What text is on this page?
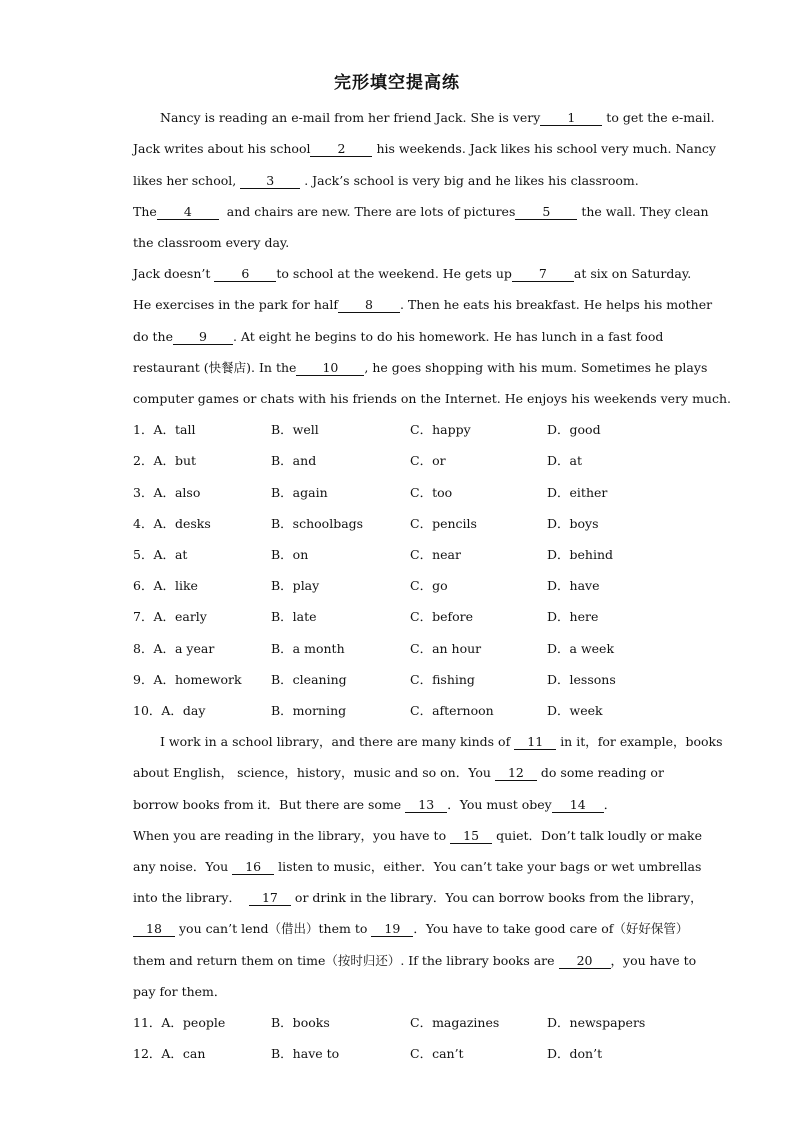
完形填空提高练
Nancy is reading an e-mail from her friend Jack. She is very 1 to get the e-mail.
Jack writes about his school 2 his weekends. Jack likes his school very much. Nancy
likes her school, 3 . Jack’s school is very big and he likes his classroom.
The 4	and chairs are new. There are lots of pictures 5 the wall. They clean
the classroom every day.
Jack doesn’t 6 to school at the weekend. He gets up 7 at six on Saturday.
He exercises in the park for half 8 . Then he eats his breakfast. He helps his mother
do the 9 . At eight he begins to do his homework. He has lunch in a fast food
restaurant (快餐店). In the 10 , he goes shopping with his mum. Sometimes he plays
computer games or chats with his friends on the Internet. He enjoys his weekends very much.
1．A．tall	B．well	C．happy	D．good
2．A．but	B．and	C．or	D．at
3．A．also	B．again	C．too	D．either
4．A．desks	B．schoolbags	C．pencils	D．boys
5．A．at	B．on	C．near	D．behind
6．A．like	B．play	C．go	D．have
7．A．early	B．late	C．before	D．here
8．A．a year	B．a month	C．an hour	D．a week
9．A．homework B．cleaning	C．fishing	D．lessons
10．A．day	B．morning	C．afternoon	D．week
I work in a school library，and there are many kinds of 11 in it，for example，books
about English， science，history，music and so on．You 12 do some reading or
borrow books from it．But there are some 13 ．You must obey 14 ．
When you are reading in the library，you have to 15 quiet．Don’t talk loudly or make
any noise．You 16 listen to music，either．You can’t take your bags or wet umbrellas
into the library． 17 or drink in the library．You can borrow books from the library，
18 you can’t lend（借出）them to 19 ．You have to take good care of（好好保管）
them and return them on time（按时归还）. If the library books are 20 ，you have to
pay for them．
11．A．people	B．books	C．magazines	D．newspapers
12．A．can	B．have to	C．can’t	D．don’t
